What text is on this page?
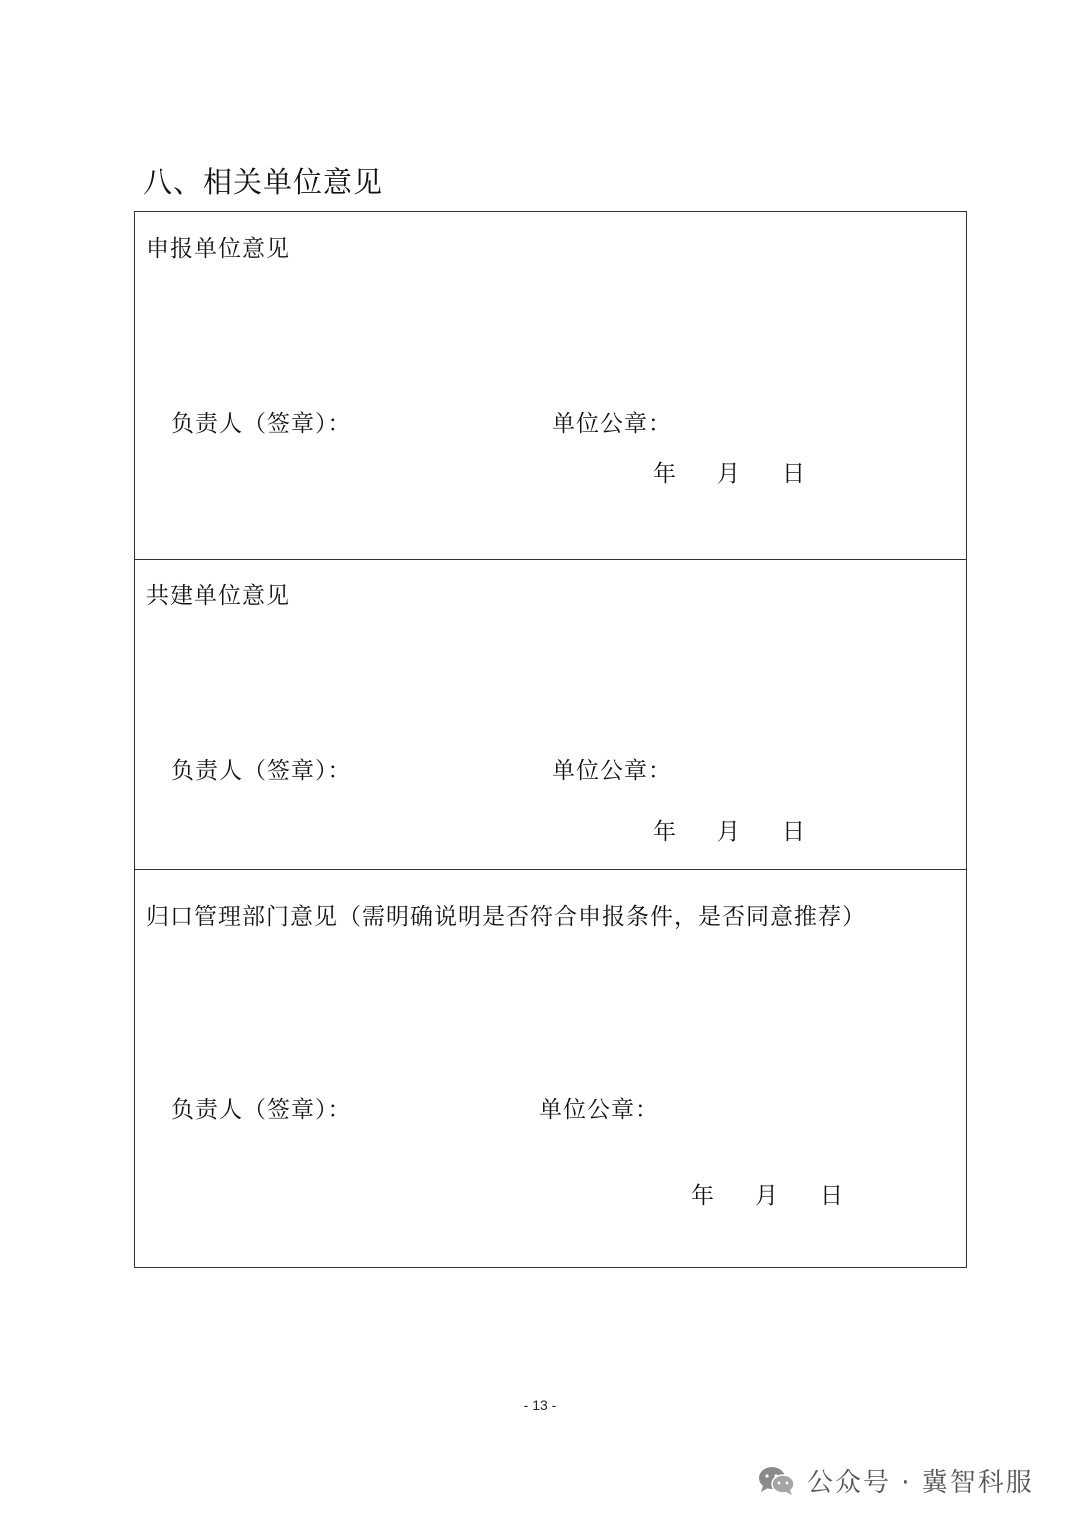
八、相关单位意见
申报单位意见
负责人（签章）：	单位公章：
年 月 日
共建单位意见
负责人（签章）：	单位公章：
年 月 日
归口管理部门意见（需明确说明是否符合申报条件，是否同意推荐）
负责人（签章）：	单位公章：
年 月 日
- 13 -
公众号 · 冀智科服
